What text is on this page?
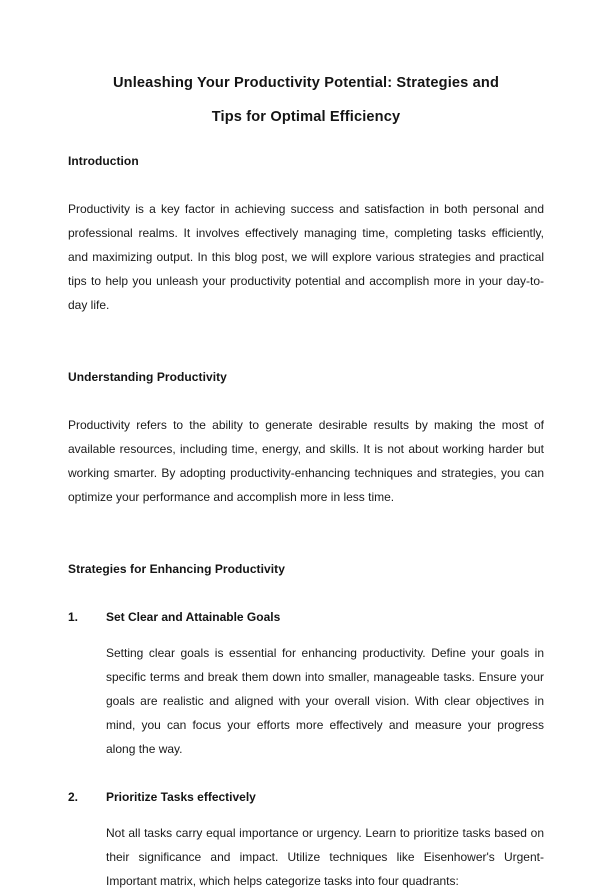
Unleashing Your Productivity Potential: Strategies and
Tips for Optimal Efficiency
Introduction

Productivity is a key factor in achieving success and satisfaction in both personal and professional realms. It involves effectively managing time, completing tasks efficiently, and maximizing output. In this blog post, we will explore various strategies and practical tips to help you unleash your productivity potential and accomplish more in your day-to-day life.

Understanding Productivity

Productivity refers to the ability to generate desirable results by making the most of available resources, including time, energy, and skills. It is not about working harder but working smarter. By adopting productivity-enhancing techniques and strategies, you can optimize your performance and accomplish more in less time.

Strategies for Enhancing Productivity
1. Set Clear and Attainable Goals

Setting clear goals is essential for enhancing productivity. Define your goals in specific terms and break them down into smaller, manageable tasks. Ensure your goals are realistic and aligned with your overall vision. With clear objectives in mind, you can focus your efforts more effectively and measure your progress along the way.

2. Prioritize Tasks effectively

Not all tasks carry equal importance or urgency. Learn to prioritize tasks based on their significance and impact. Utilize techniques like Eisenhower's Urgent-Important matrix, which helps categorize tasks into four quadrants:
